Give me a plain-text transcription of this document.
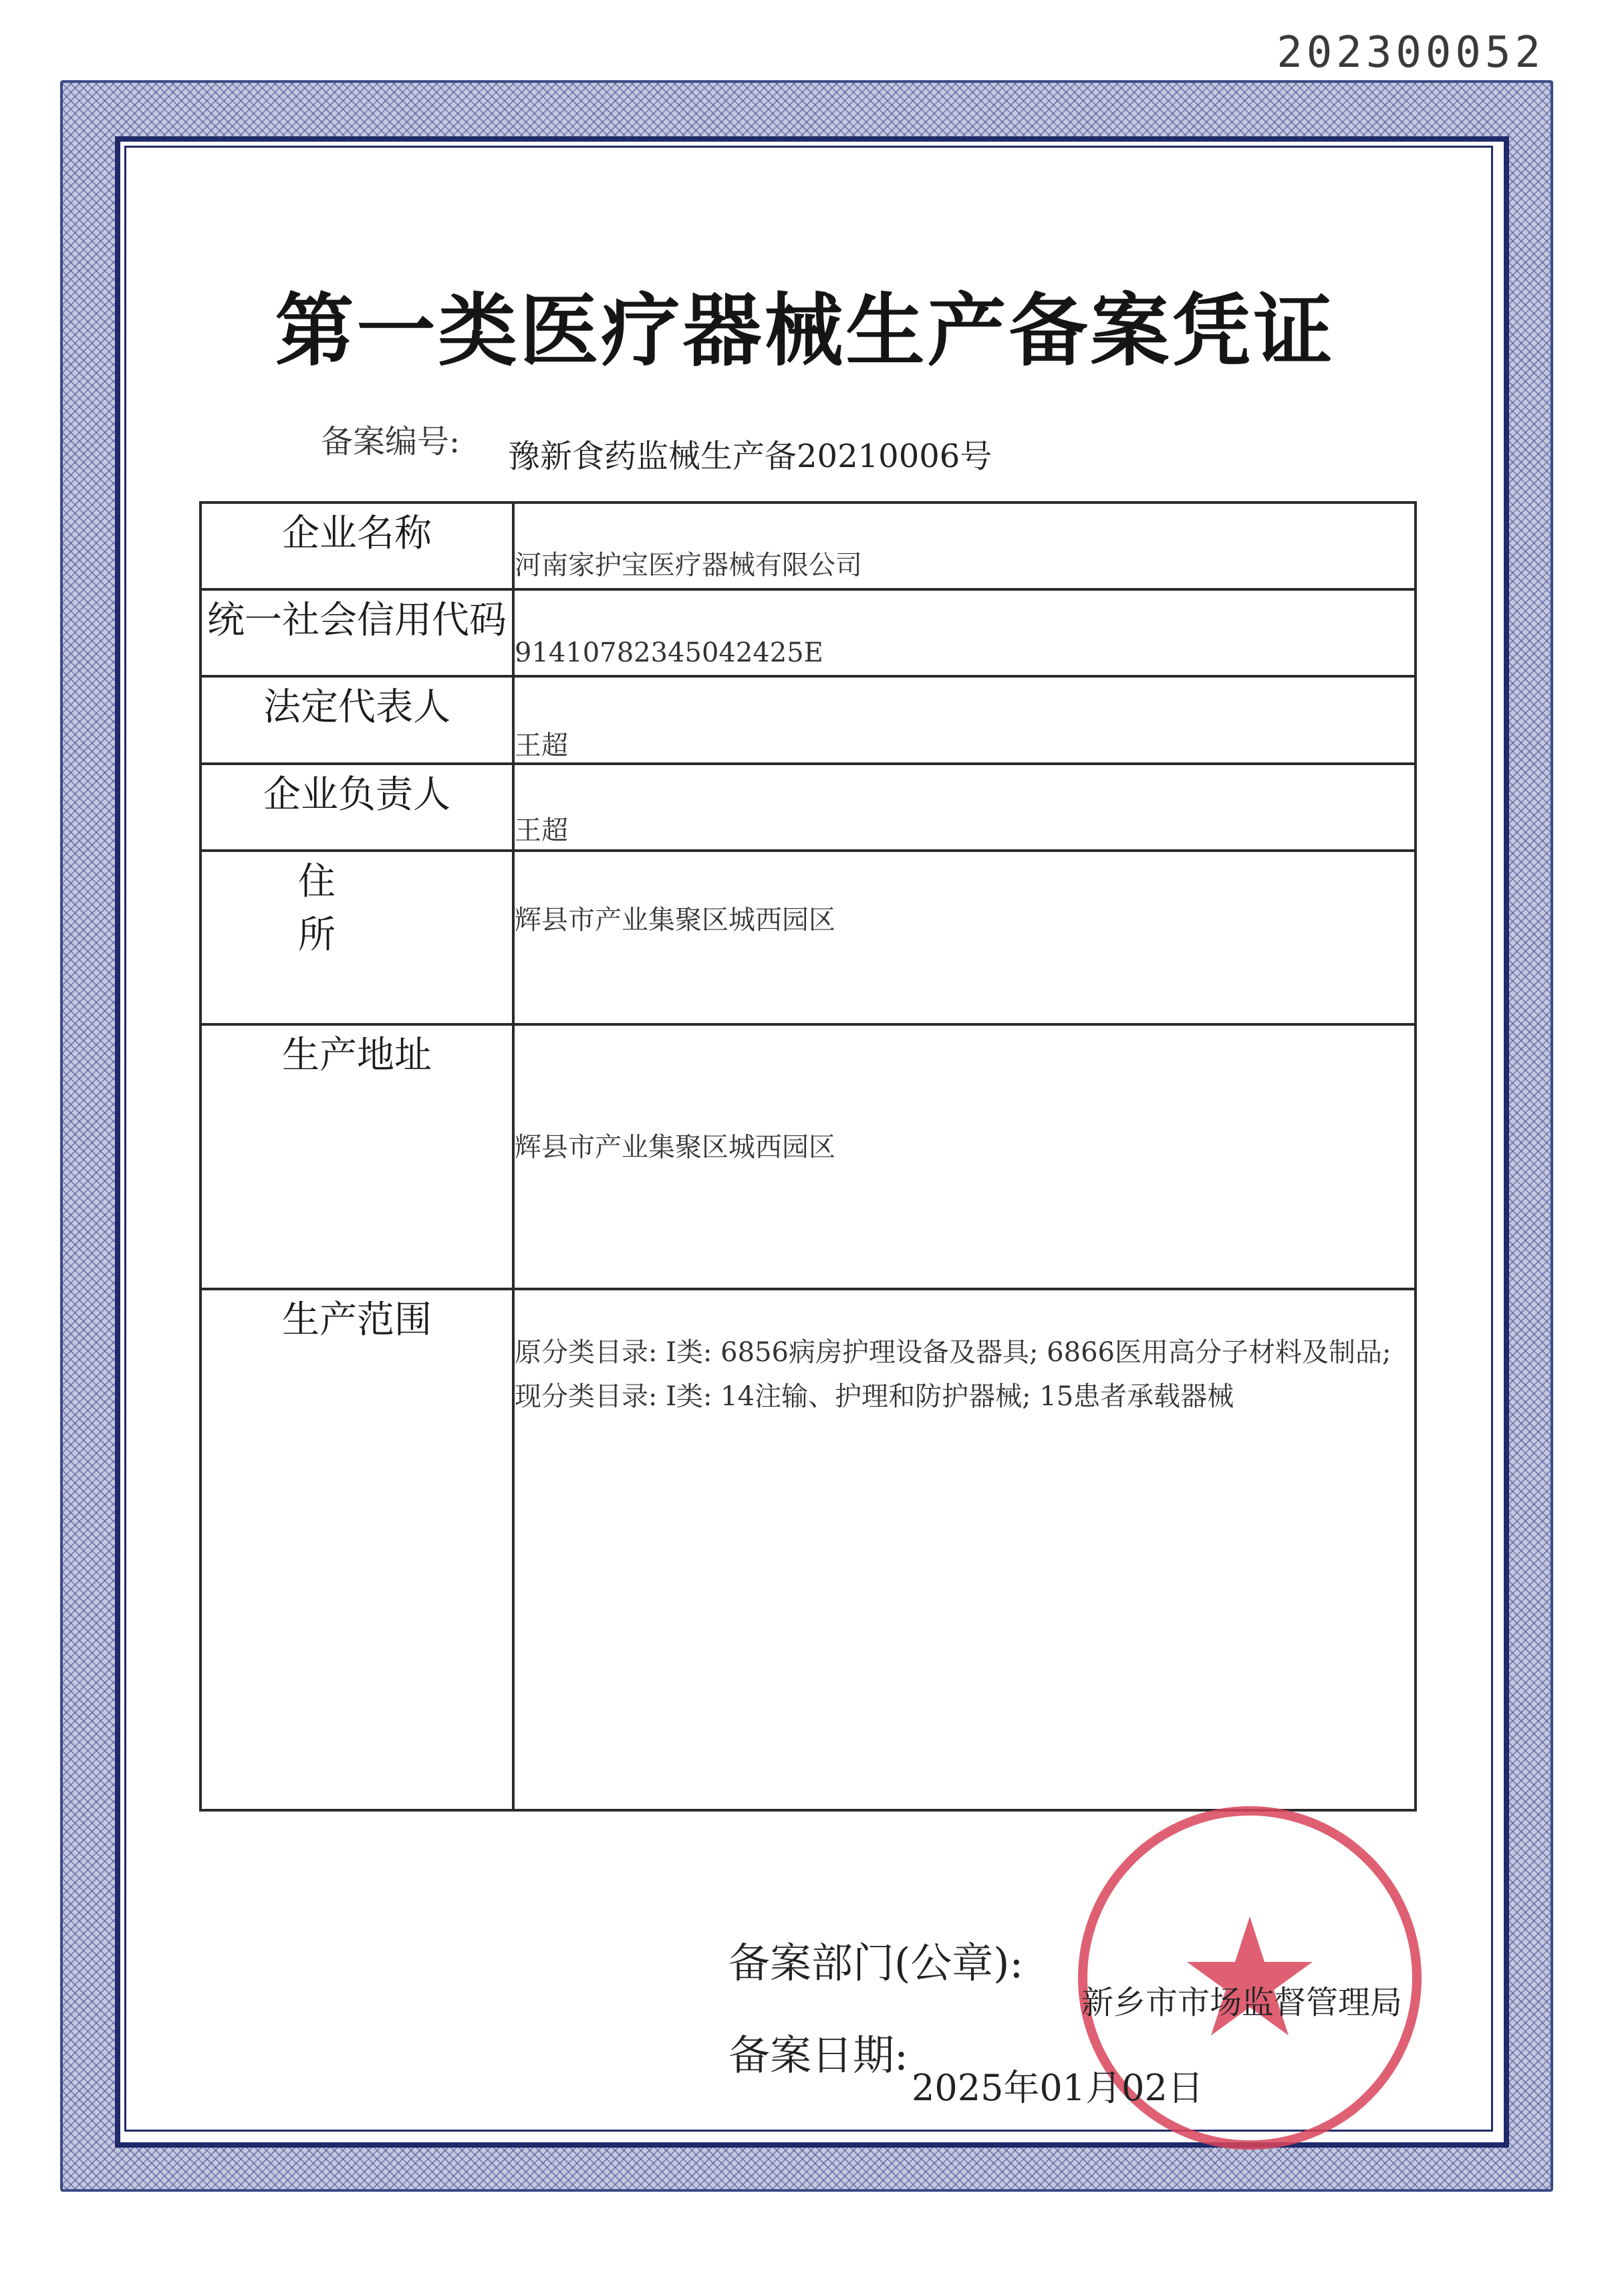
202300052
第一类医疗器械生产备案凭证
备案编号: 豫新食药监械生产备20210006号
企业名称	河南家护宝医疗器械有限公司

统一社会信用代码	91410782345042425E

法定代表人	王超

企业负责人	王超

住 所	辉县市产业集聚区城西园区

生产地址	辉县市产业集聚区城西园区

生产范围	原分类目录: Ⅰ类: 6856病房护理设备及器具; 6866医用高分子材料及制品;现分类目录: Ⅰ类: 14注输、护理和防护器械; 15患者承载器械
备案部门(公章):
新乡市市场监督管理局
备案日期:
2025年01月02日
